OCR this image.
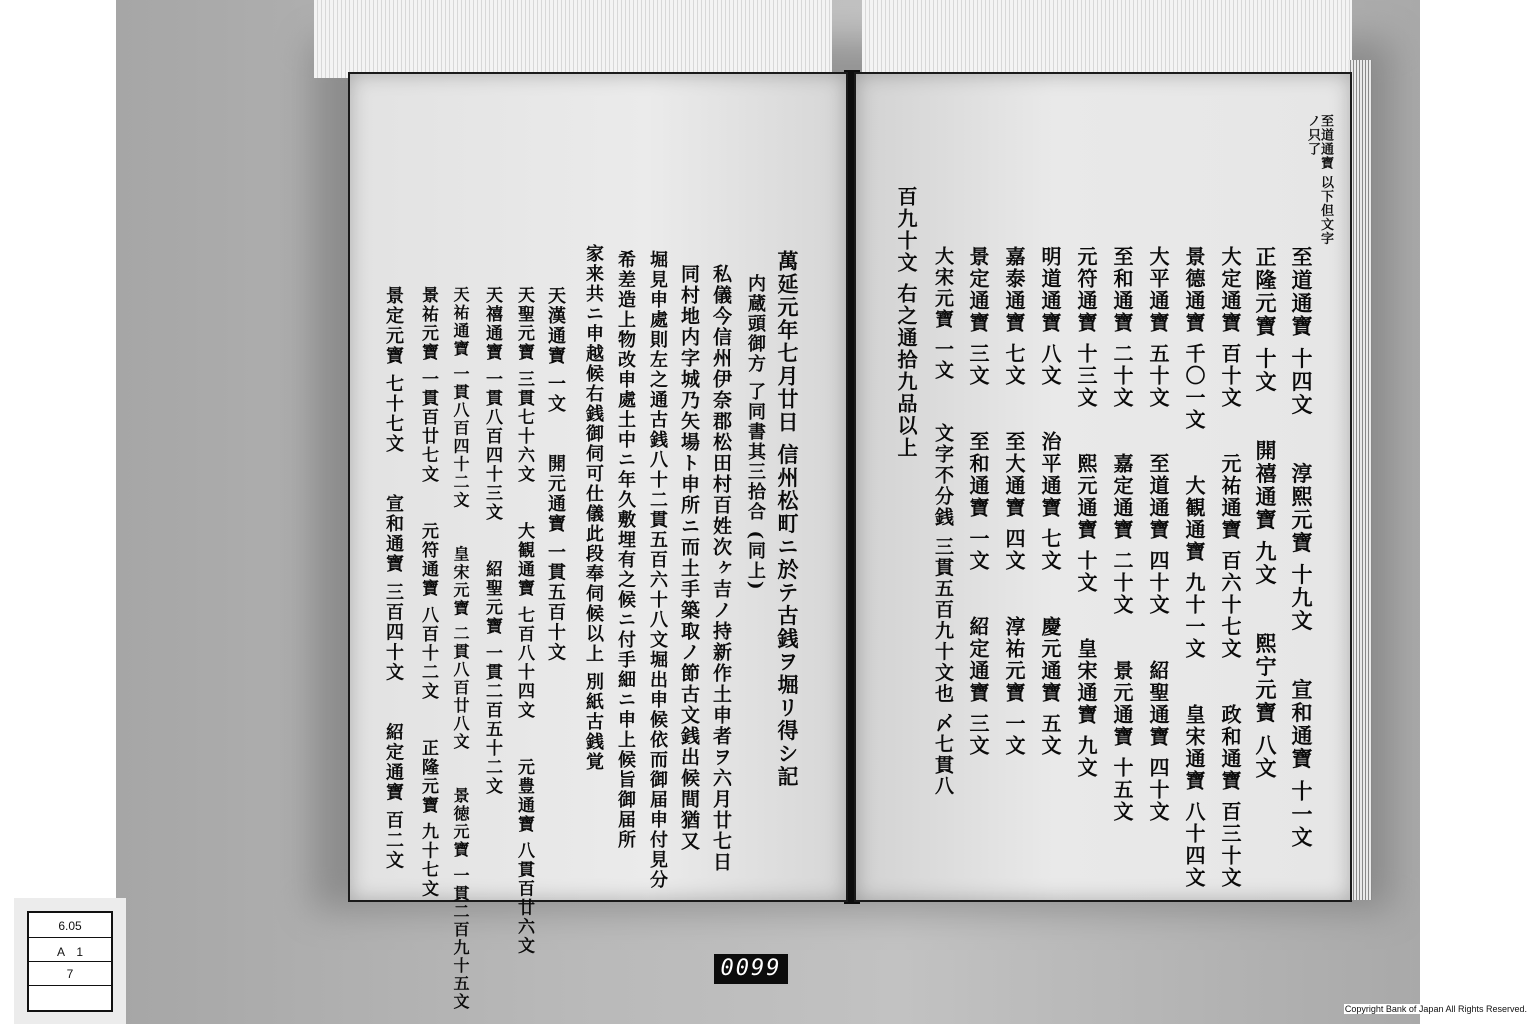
萬延元年七月廿日 信州松町ニ於テ古銭ヲ堀リ得シ記
内蔵頭御方 了同書其三拾合 (同上)
私儀今信州伊奈郡松田村百姓次ヶ吉ノ持新作土申者ヲ六月廿七日
同村地内字城乃矢場ト申所ニ而土手築取ノ節古文銭出候間猶又
堀見申處則左之通古銭八十二貫五百六十八文堀出申候依而御届申付見分
希差造上物改申處土中ニ年久敷埋有之候ニ付手細ニ申上候旨御届所
家来共ニ申越候右銭御伺可仕儀此段奉伺候以上 別紙古銭覚
天漢通寶 一文　　開元通寶 一貫五百十文
天聖元寶 三貫七十六文　　大観通寶 七百八十四文　　元豊通寶 八貫百廿六文
天禧通寶 一貫八百四十三文　　紹聖元寶 一貫二百五十二文
天祐通寶 一貫八百四十二文　　皇宋元寶 二貫八百廿八文　　景徳元寶 一貫二百九十五文
景祐元寶 一貫百廿七文　　元符通寶 八百十二文　　正隆元寶 九十七文
景定元寶 七十七文　　宣和通寶 三百四十文　　紹定通寶 百二文
至道通寶 以下但文字 ノ只了
至道通寶 十四文　　淳熙元寶 十九文　　宣和通寶 十一文
正隆元寶 十文　　開禧通寶 九文　　熙宁元寶 八文
大定通寶 百十文　　元祐通寶 百六十七文　　政和通寶 百三十文
景德通寶 千〇一文　　大観通寶 九十一文　　皇宋通寶 八十四文
大平通寶 五十文　　至道通寶 四十文　　紹聖通寶 四十文
至和通寶 二十文　　嘉定通寶 二十文　　景元通寶 十五文
元符通寶 十三文　　熙元通寶 十文　　皇宋通寶 九文
明道通寶 八文　　治平通寶 七文　　慶元通寶 五文
嘉泰通寶 七文　　至大通寶 四文　　淳祐元寶 一文
景定通寶 三文　　至和通寶 一文　　紹定通寶 三文
大宋元寶 一文　　文字不分銭 三貫五百九十文也 〆七貫八
百九十文 右之通拾九品以上
6.05
A　1
7	0099
Copyright Bank of Japan All Rights Reserved.
